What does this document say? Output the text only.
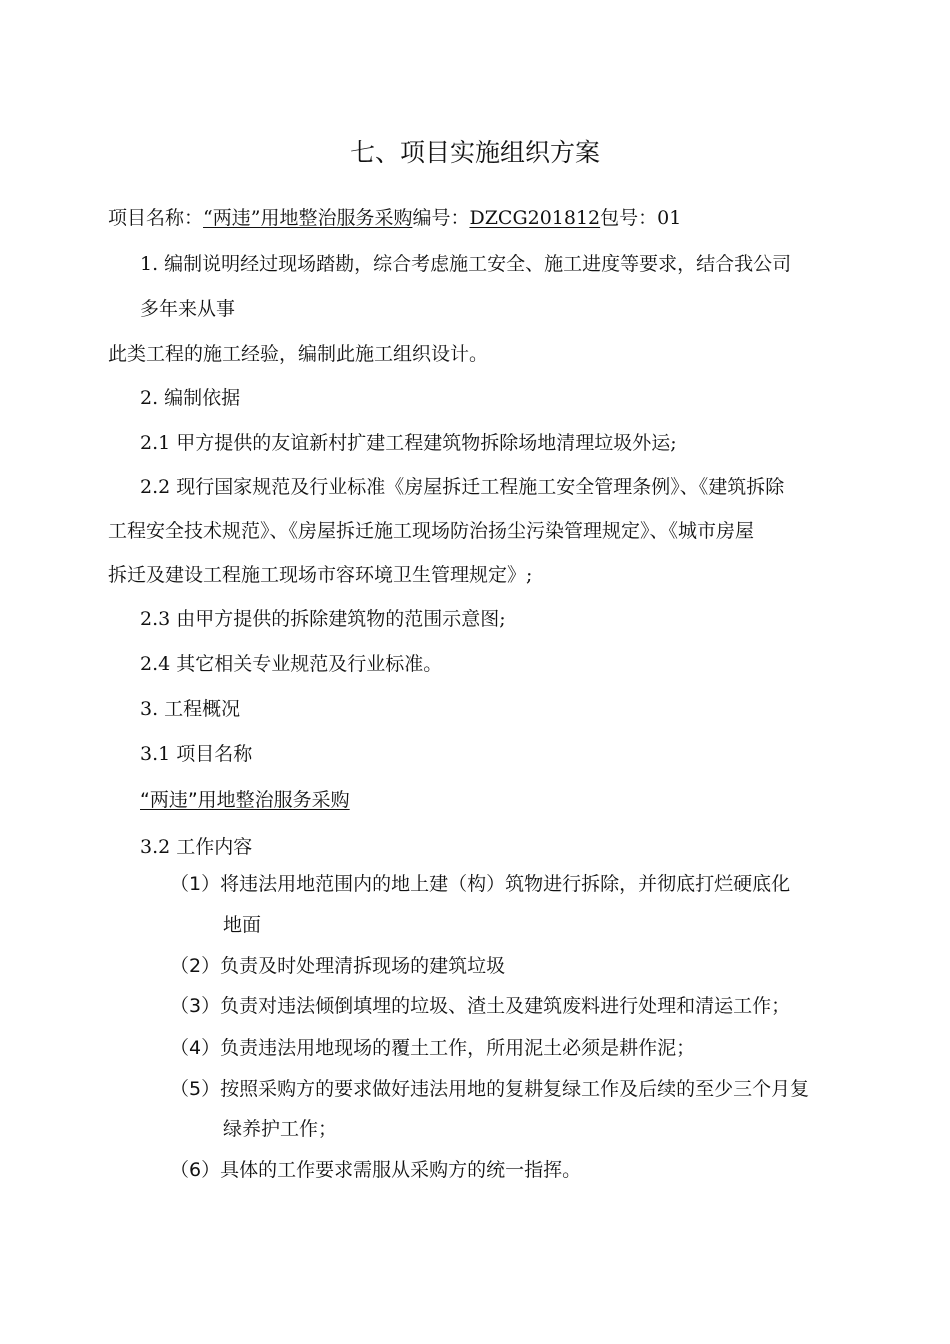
七、项目实施组织方案
项目名称：“两违”用地整治服务采购编号：DZCG201812包号：01
1. 编制说明经过现场踏勘，综合考虑施工安全、施工进度等要求，结合我公司
多年来从事
此类工程的施工经验，编制此施工组织设计。
2. 编制依据
2.1 甲方提供的友谊新村扩建工程建筑物拆除场地清理垃圾外运;
2.2 现行国家规范及行业标准《房屋拆迁工程施工安全管理条例》、《建筑拆除
工程安全技术规范》、《房屋拆迁施工现场防治扬尘污染管理规定》、《城市房屋
拆迁及建设工程施工现场市容环境卫生管理规定》;
2.3 由甲方提供的拆除建筑物的范围示意图;
2.4 其它相关专业规范及行业标准。
3. 工程概况
3.1 项目名称
“两违”用地整治服务采购
3.2 工作内容
（1）将违法用地范围内的地上建（构）筑物进行拆除，并彻底打烂硬底化
地面
（2）负责及时处理清拆现场的建筑垃圾
（3）负责对违法倾倒填埋的垃圾、渣土及建筑废料进行处理和清运工作；
（4）负责违法用地现场的覆土工作，所用泥土必须是耕作泥；
（5）按照采购方的要求做好违法用地的复耕复绿工作及后续的至少三个月复
绿养护工作；
（6）具体的工作要求需服从采购方的统一指挥。
